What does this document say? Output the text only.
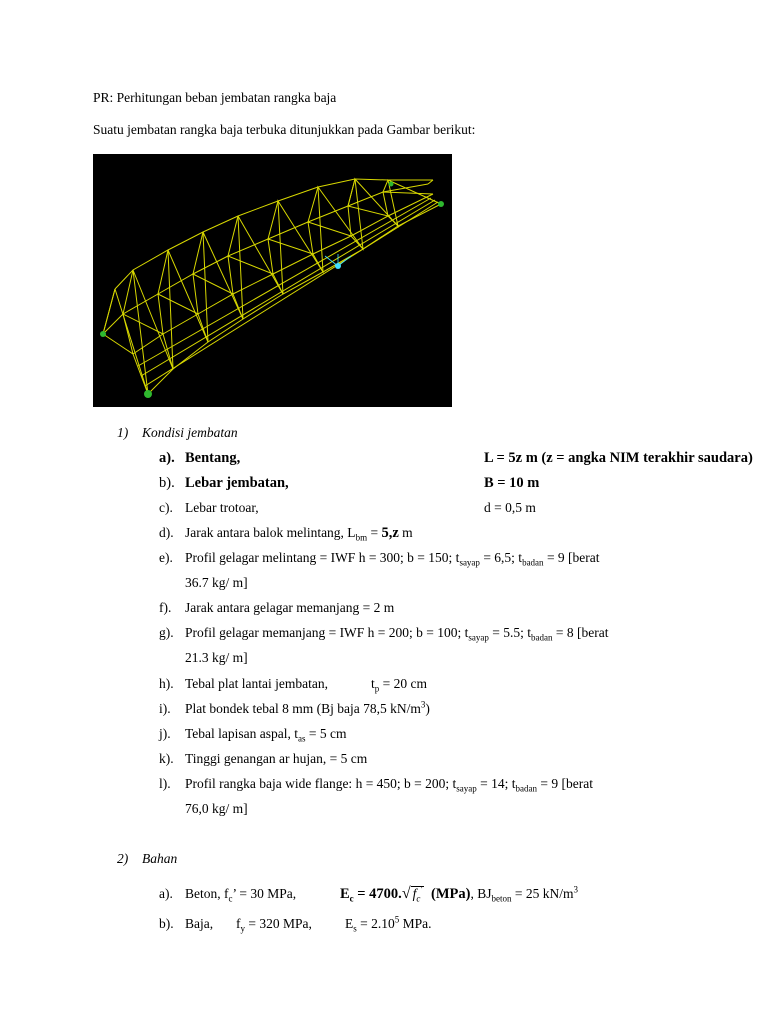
PR: Perhitungan beban jembatan rangka baja
Suatu jembatan rangka baja terbuka ditunjukkan pada Gambar berikut:
1) Kondisi jembatan
a). Bentang,	L = 5z m (z = angka NIM terakhir saudara)
b). Lebar jembatan,	B = 10 m
c). Lebar trotoar,	d = 0,5 m
d). Jarak antara balok melintang, $L_{bm} = 5,z$ m
e). Profil gelagar melintang = IWF h = 300; b = 150; $t_{sayap} = 6,5$; $t_{badan} = 9$ [berat
36.7 kg/ m]
f). Jarak antara gelagar memanjang = 2 m
g). Profil gelagar memanjang = IWF h = 200; b = 100; $t_{sayap} = 5.5$; $t_{badan} = 8$ [berat
21.3 kg/ m]
h). Tebal plat lantai jembatan,	$t_p = 20$ cm
i). Plat bondek tebal 8 mm (Bj baja 78,5 $kN/m^3$)
j). Tebal lapisan aspal, $t_{as} = 5$ cm
k). Tinggi genangan ar hujan, = 5 cm
l). Profil rangka baja wide flange: h = 450; b = 200; $t_{sayap} = 14$; $t_{badan} = 9$ [berat
76,0 kg/ m]
2) Bahan
a). Beton, $f_c$’ = 30 MPa,	$E_c = 4700.√$ $f_c'$ (MPa), $BJ_{beton} = 25$ $kN/m^3$
b). Baja, $f_y = 320$ MPa, $E_s = 2.10^5$ MPa.
